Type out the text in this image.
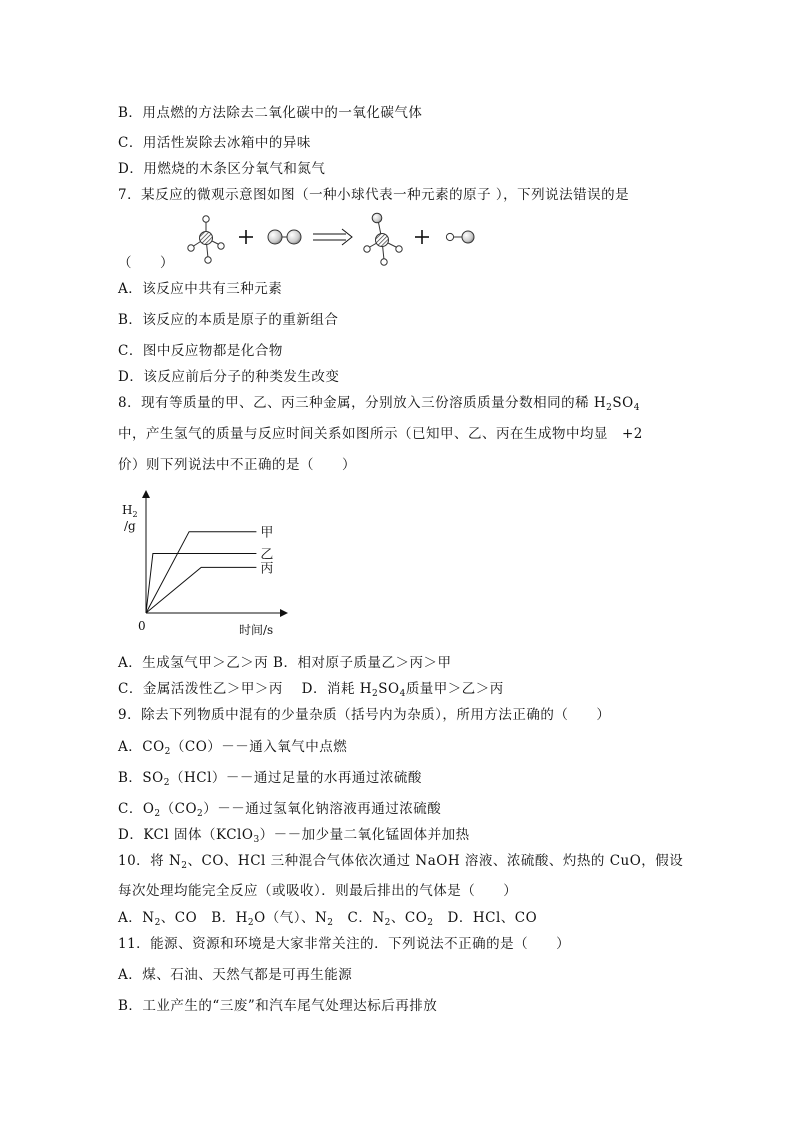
B．用点燃的方法除去二氧化碳中的一氧化碳气体
C．用活性炭除去冰箱中的异味
D．用燃烧的木条区分氧气和氮气
7．某反应的微观示意图如图（一种小球代表一种元素的原子 ），下列说法错误的是
（　　）
A．该反应中共有三种元素
B．该反应的本质是原子的重新组合
C．图中反应物都是化合物
D．该反应前后分子的种类发生改变
8．现有等质量的甲、乙、丙三种金属，分别放入三份溶质质量分数相同的稀 $H_2SO_4$
中，产生氢气的质量与反应时间关系如图所示（已知甲、乙、丙在生成物中均显　+2
价）则下列说法中不正确的是（　　）
$H_2$
/g
0	时间/s
甲
乙
丙
A．生成氢气甲＞乙＞丙 B．相对原子质量乙＞丙＞甲
C．金属活泼性乙＞甲＞丙　 D．消耗 $H_2SO_4$质量甲＞乙＞丙
9．除去下列物质中混有的少量杂质（括号内为杂质），所用方法正确的（　　）
A．$CO_2(CO)--$通入氧气中点燃
B．$SO_2(HCl)--$通过足量的水再通过浓硫酸
C．$O_2(CO_2)--$通过氢氧化钠溶液再通过浓硫酸
D．KCl 固体（KClO$_3$）－－加少量二氧化锰固体并加热
10．将 $N_2$、CO、HCl 三种混合气体依次通过 NaOH 溶液、浓硫酸、灼热的 CuO，假设
每次处理均能完全反应（或吸收）．则最后排出的气体是（　　）
A．$N_2$、CO　B．$H_2O$（气）、$N_2$　C．$N_2$、$CO_2$　D．HCl、CO
11．能源、资源和环境是大家非常关注的．下列说法不正确的是（　　）
A．煤、石油、天然气都是可再生能源
B．工业产生的“三废”和汽车尾气处理达标后再排放
